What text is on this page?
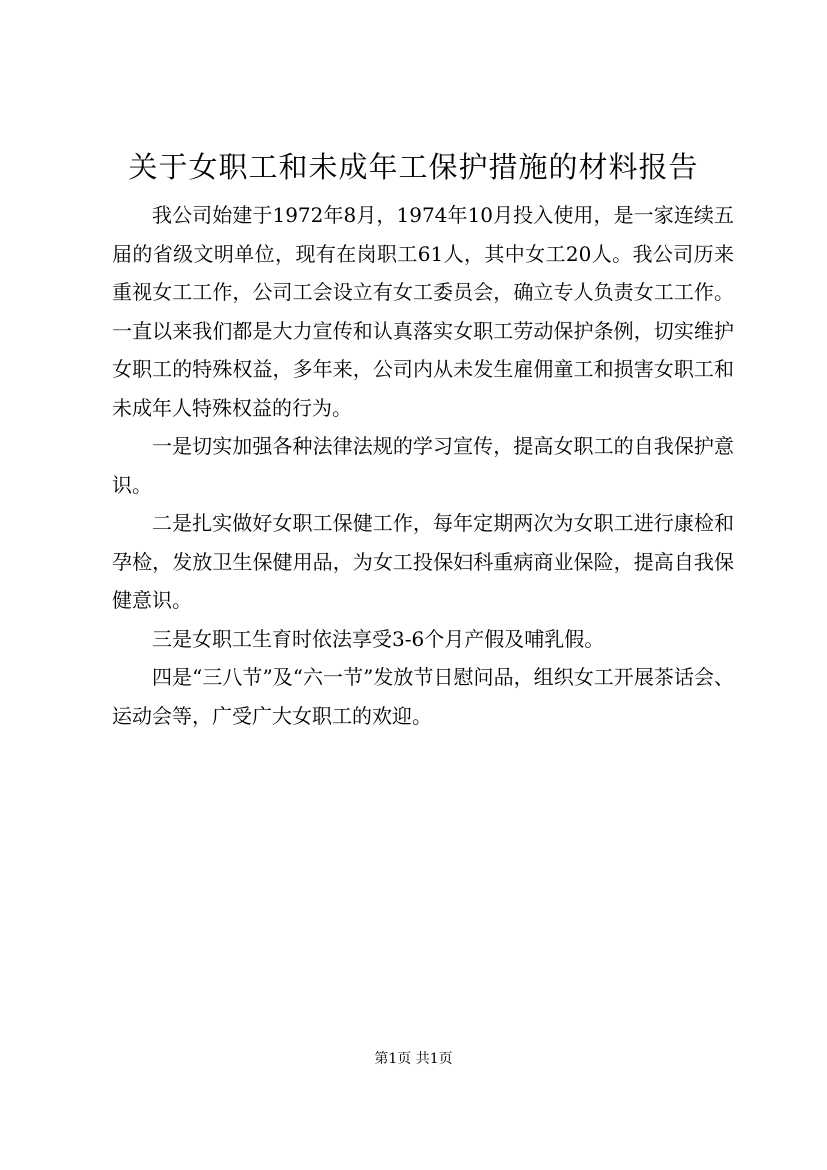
关于女职工和未成年工保护措施的材料报告

我公司始建于1972年8月，1974年10月投入使用，是一家连续五届的省级文明单位，现有在岗职工61人，其中女工20人。我公司历来重视女工工作，公司工会设立有女工委员会，确立专人负责女工工作。一直以来我们都是大力宣传和认真落实女职工劳动保护条例，切实维护女职工的特殊权益，多年来，公司内从未发生雇佣童工和损害女职工和未成年人特殊权益的行为。

一是切实加强各种法律法规的学习宣传，提高女职工的自我保护意识。

二是扎实做好女职工保健工作，每年定期两次为女职工进行康检和孕检，发放卫生保健用品，为女工投保妇科重病商业保险，提高自我保健意识。

三是女职工生育时依法享受3-6个月产假及哺乳假。

四是“三八节”及“六一节”发放节日慰问品，组织女工开展茶话会、运动会等，广受广大女职工的欢迎。

第1页 共1页
